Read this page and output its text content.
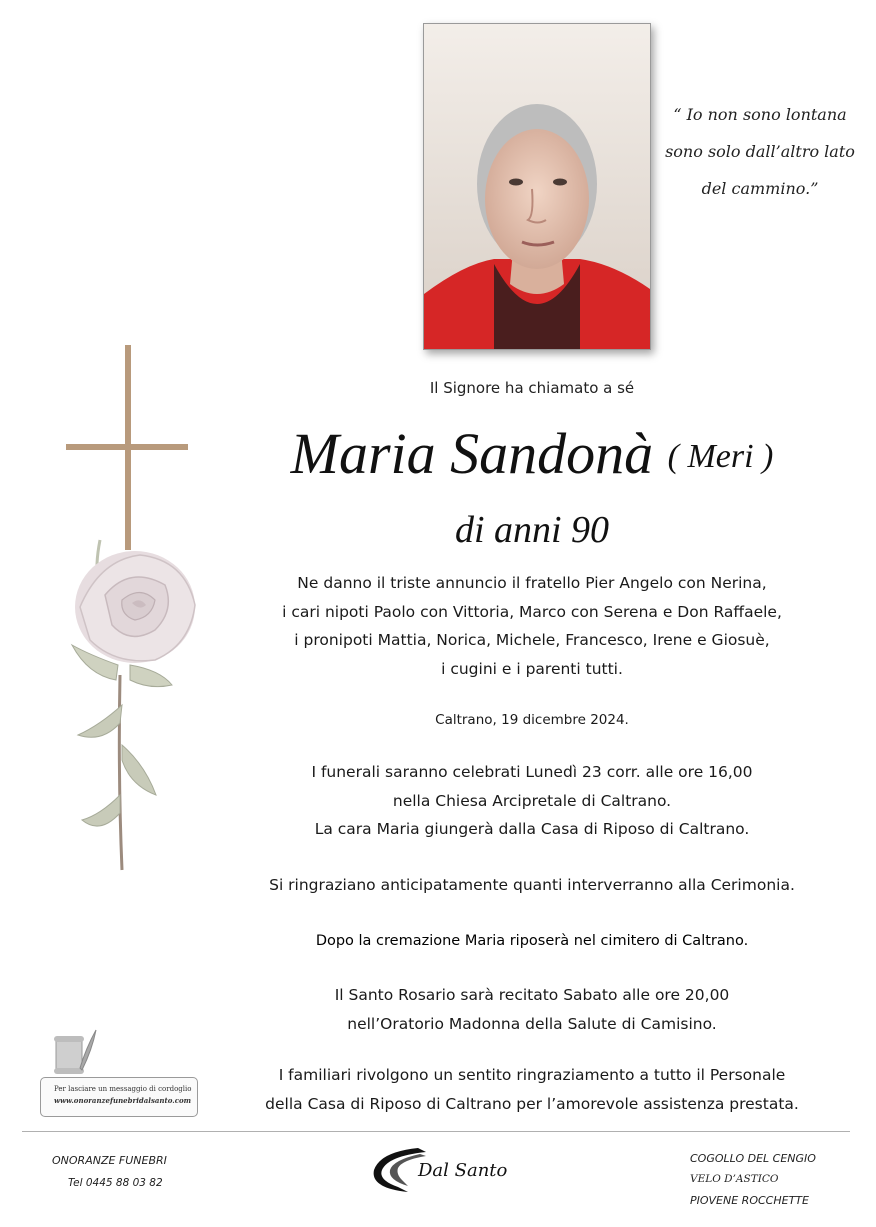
“ Io non sono lontana
sono solo dall’altro lato
del cammino.”
Il Signore ha chiamato a sé
Maria Sandonà ( Meri )
di anni 90
Ne danno il triste annuncio il fratello Pier Angelo con Nerina,
i cari nipoti Paolo con Vittoria, Marco con Serena e Don Raffaele,
i pronipoti Mattia, Norica, Michele, Francesco, Irene e Giosuè,
i cugini e i parenti tutti.
Caltrano, 19 dicembre 2024.
I funerali saranno celebrati Lunedì 23 corr. alle ore 16,00
nella Chiesa Arcipretale di Caltrano.
La cara Maria giungerà dalla Casa di Riposo di Caltrano.
Si ringraziano anticipatamente quanti interverranno alla Cerimonia.
Dopo la cremazione Maria riposerà nel cimitero di Caltrano.
Il Santo Rosario sarà recitato Sabato alle ore 20,00
nell’Oratorio Madonna della Salute di Camisino.
I familiari rivolgono un sentito ringraziamento a tutto il Personale
della Casa di Riposo di Caltrano per l’amorevole assistenza prestata.
Per lasciare un messaggio di cordoglio
www.onoranzefunebridalsanto.com
ONORANZE FUNEBRI
Tel 0445 88 03 82
Dal Santo
COGOLLO DEL CENGIO
VELO D’ASTICO
PIOVENE ROCCHETTE
